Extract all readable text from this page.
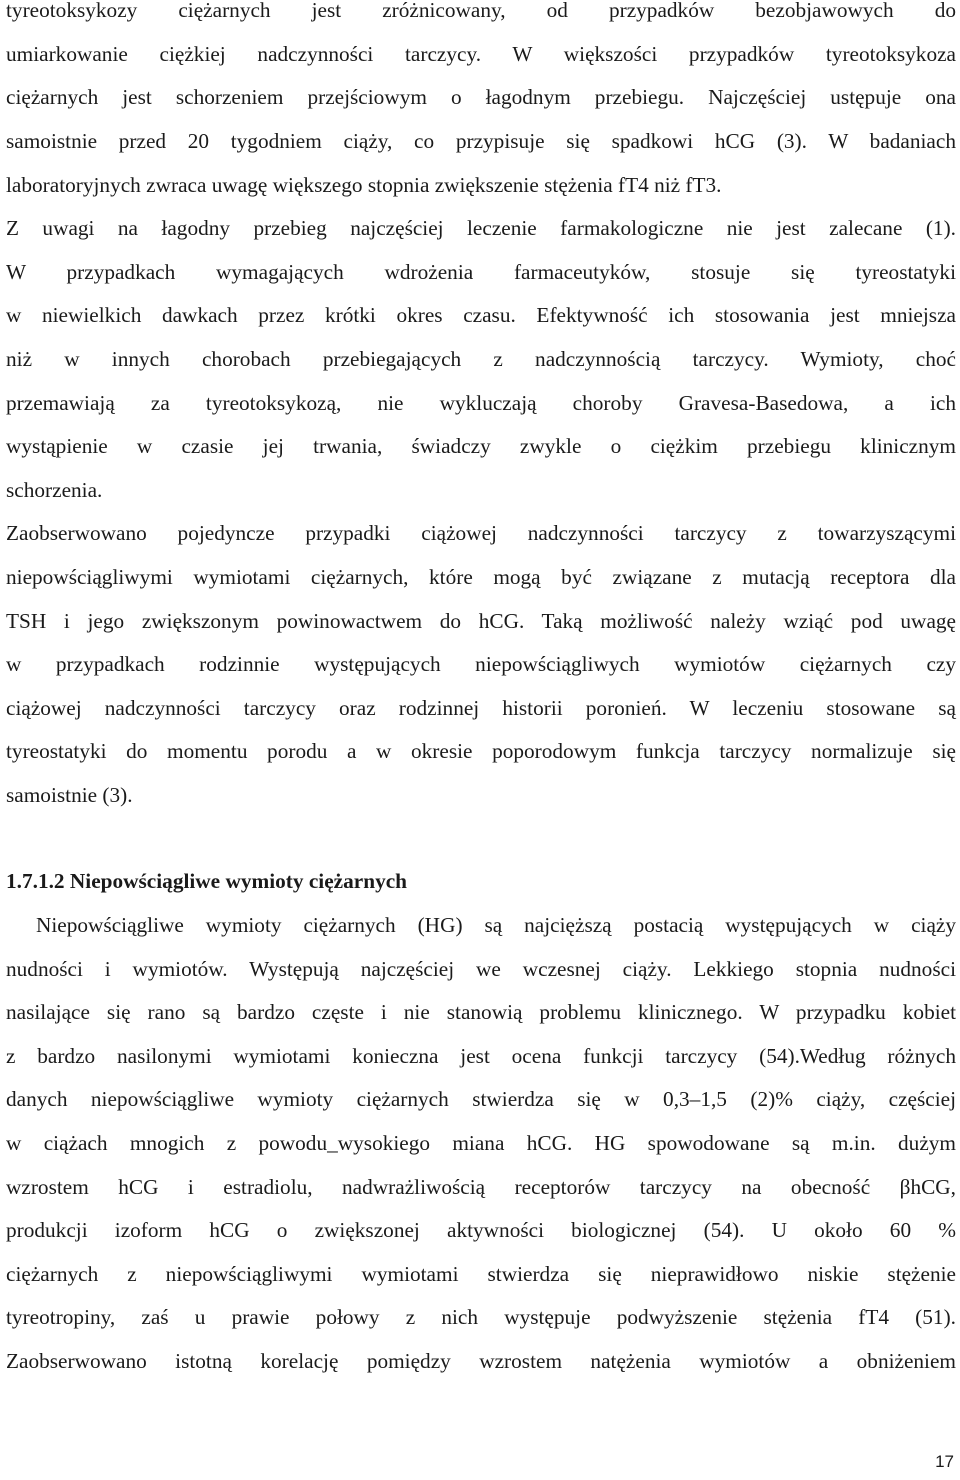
tyreotoksykozy ciężarnych jest zróżnicowany, od przypadków bezobjawowych do
umiarkowanie ciężkiej nadczynności tarczycy. W większości przypadków tyreotoksykoza
ciężarnych jest schorzeniem przejściowym o łagodnym przebiegu. Najczęściej ustępuje ona
samoistnie przed 20 tygodniem ciąży, co przypisuje się spadkowi hCG (3). W badaniach
laboratoryjnych zwraca uwagę większego stopnia zwiększenie stężenia fT4 niż fT3.
Z uwagi na łagodny przebieg najczęściej leczenie farmakologiczne nie jest zalecane (1).
W przypadkach wymagających wdrożenia farmaceutyków, stosuje się tyreostatyki
w niewielkich dawkach przez krótki okres czasu. Efektywność ich stosowania jest mniejsza
niż w innych chorobach przebiegających z nadczynnością tarczycy. Wymioty, choć
przemawiają za tyreotoksykozą, nie wykluczają choroby Gravesa-Basedowa, a ich
wystąpienie w czasie jej trwania, świadczy zwykle o ciężkim przebiegu klinicznym
schorzenia.
Zaobserwowano pojedyncze przypadki ciążowej nadczynności tarczycy z towarzyszącymi
niepowściągliwymi wymiotami ciężarnych, które mogą być związane z mutacją receptora dla
TSH i jego zwiększonym powinowactwem do hCG. Taką możliwość należy wziąć pod uwagę
w przypadkach rodzinnie występujących niepowściągliwych wymiotów ciężarnych czy
ciążowej nadczynności tarczycy oraz rodzinnej historii poronień. W leczeniu stosowane są
tyreostatyki do momentu porodu a w okresie poporodowym funkcja tarczycy normalizuje się
samoistnie (3).
1.7.1.2 Niepowściągliwe wymioty ciężarnych
Niepowściągliwe wymioty ciężarnych (HG) są najcięższą postacią występujących w ciąży
nudności i wymiotów. Występują najczęściej we wczesnej ciąży. Lekkiego stopnia nudności
nasilające się rano są bardzo częste i nie stanowią problemu klinicznego. W przypadku kobiet
z bardzo nasilonymi wymiotami konieczna jest ocena funkcji tarczycy (54).Według różnych
danych niepowściągliwe wymioty ciężarnych stwierdza się w 0,3–1,5 (2)% ciąży, częściej
w ciążach mnogich z powodu_wysokiego miana hCG. HG spowodowane są m.in. dużym
wzrostem hCG i estradiolu, nadwrażliwością receptorów tarczycy na obecność βhCG,
produkcji izoform hCG o zwiększonej aktywności biologicznej (54). U około 60 %
ciężarnych z niepowściągliwymi wymiotami stwierdza się nieprawidłowo niskie stężenie
tyreotropiny, zaś u prawie połowy z nich występuje podwyższenie stężenia fT4 (51).
Zaobserwowano istotną korelację pomiędzy wzrostem natężenia wymiotów a obniżeniem
17
